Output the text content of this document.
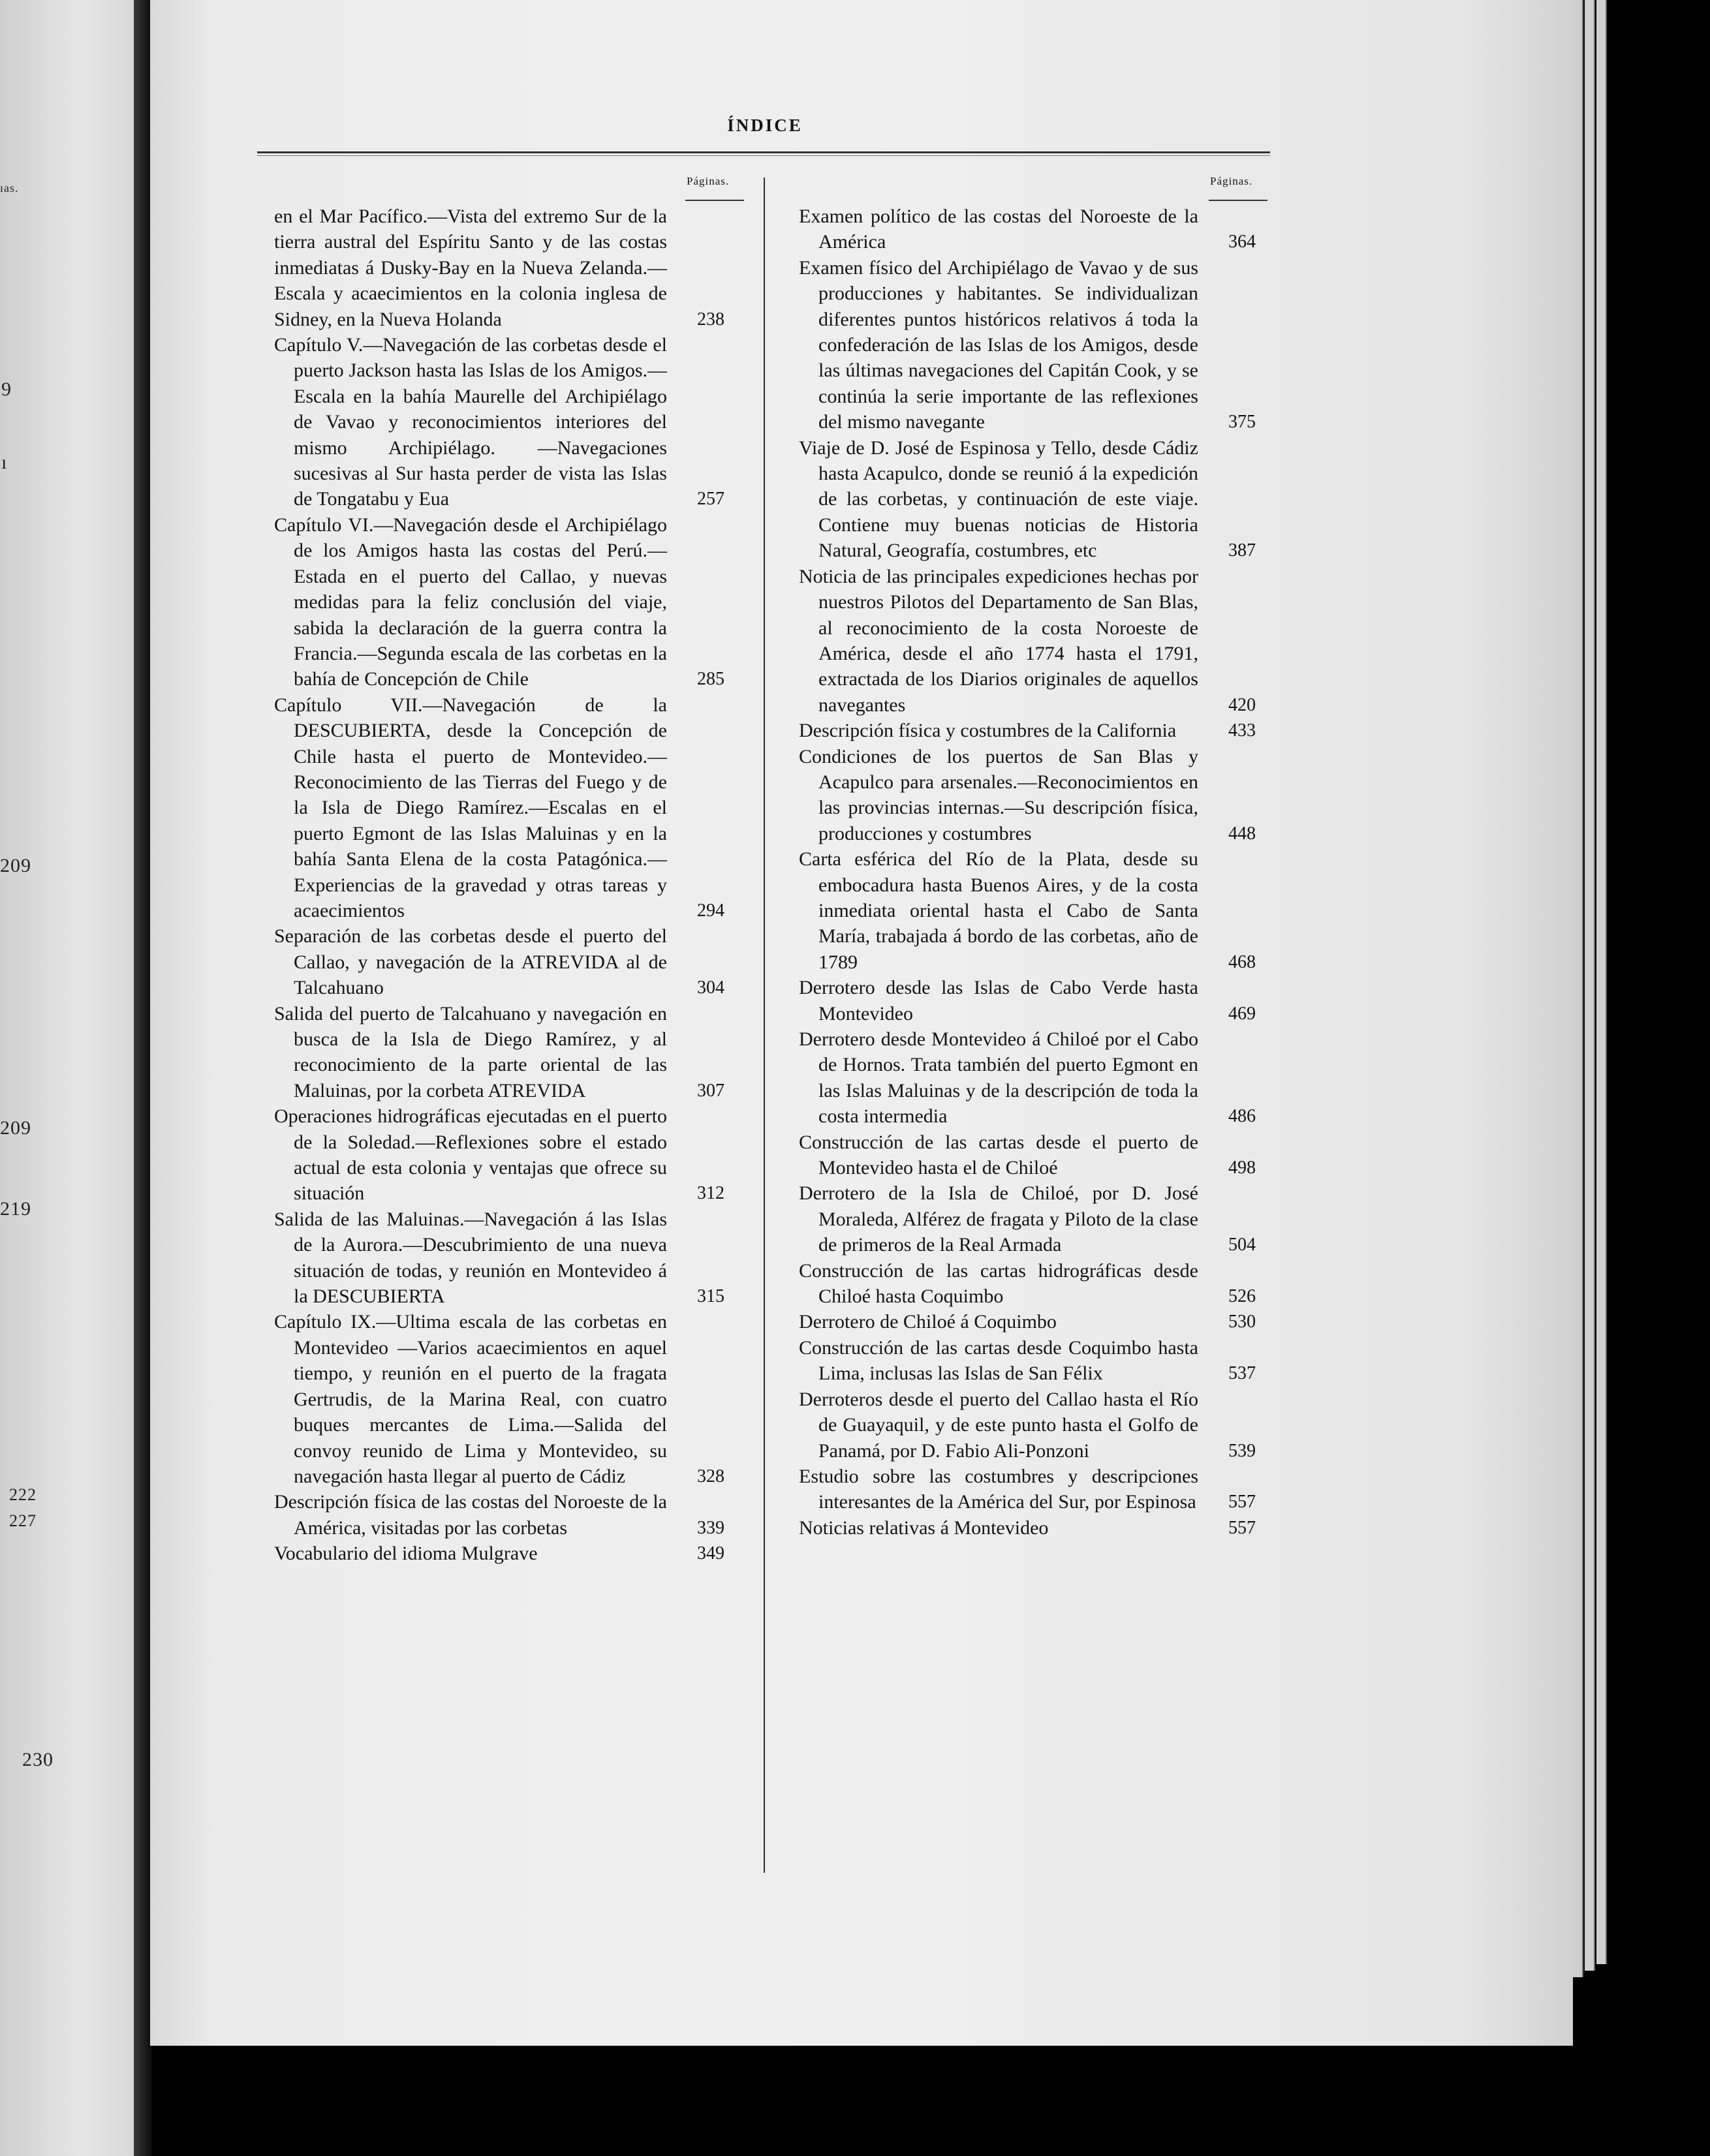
ıas.
9
ı
209
209
219
222
227
230
ÍNDICE
Páginas.	Páginas.

en el Mar Pacífico.—Vista del extremo Sur de la tierra austral del Espíritu Santo y de las costas inmediatas á Dusky-Bay en la Nueva Zelanda.—Escala y acaecimientos en la colonia inglesa de Sidney, en la Nueva Holanda	238

Capítulo V.—Navegación de las corbetas desde el puerto Jackson hasta las Islas de los Amigos.—Escala en la bahía Maurelle del Archipiélago de Vavao y reconocimientos interiores del mismo Archipiélago. —Navegaciones sucesivas al Sur hasta perder de vista las Islas de Tongatabu y Eua	257

Capítulo VI.—Navegación desde el Archipiélago de los Amigos hasta las costas del Perú.—Estada en el puerto del Callao, y nuevas medidas para la feliz conclusión del viaje, sabida la declaración de la guerra contra la Francia.—Segunda escala de las corbetas en la bahía de Concepción de Chile	285

Capítulo VII.—Navegación de la DESCUBIERTA, desde la Concepción de Chile hasta el puerto de Montevideo.—Reconocimiento de las Tierras del Fuego y de la Isla de Diego Ramírez.—Escalas en el puerto Egmont de las Islas Maluinas y en la bahía Santa Elena de la costa Patagónica.—Experiencias de la gravedad y otras tareas y acaecimientos	294

Separación de las corbetas desde el puerto del Callao, y navegación de la ATREVIDA al de Talcahuano	304

Salida del puerto de Talcahuano y navegación en busca de la Isla de Diego Ramírez, y al reconocimiento de la parte oriental de las Maluinas, por la corbeta ATREVIDA	307

Operaciones hidrográficas ejecutadas en el puerto de la Soledad.—Reflexiones sobre el estado actual de esta colonia y ventajas que ofrece su situación	312

Salida de las Maluinas.—Navegación á las Islas de la Aurora.—Descubrimiento de una nueva situación de todas, y reunión en Montevideo á la DESCUBIERTA	315

Capítulo IX.—Ultima escala de las corbetas en Montevideo —Varios acaecimientos en aquel tiempo, y reunión en el puerto de la fragata Gertrudis, de la Marina Real, con cuatro buques mercantes de Lima.—Salida del convoy reunido de Lima y Montevideo, su navegación hasta llegar al puerto de Cádiz	328

Descripción física de las costas del Noroeste de la América, visitadas por las corbetas	339

Vocabulario del idioma Mulgrave	349

Examen político de las costas del Noroeste de la América	364

Examen físico del Archipiélago de Vavao y de sus producciones y habitantes. Se individualizan diferentes puntos históricos relativos á toda la confederación de las Islas de los Amigos, desde las últimas navegaciones del Capitán Cook, y se continúa la serie importante de las reflexiones del mismo navegante	375

Viaje de D. José de Espinosa y Tello, desde Cádiz hasta Acapulco, donde se reunió á la expedición de las corbetas, y continuación de este viaje. Contiene muy buenas noticias de Historia Natural, Geografía, costumbres, etc	387

Noticia de las principales expediciones hechas por nuestros Pilotos del Departamento de San Blas, al reconocimiento de la costa Noroeste de América, desde el año 1774 hasta el 1791, extractada de los Diarios originales de aquellos navegantes	420

Descripción física y costumbres de la California	433

Condiciones de los puertos de San Blas y Acapulco para arsenales.—Reconocimientos en las provincias internas.—Su descripción física, producciones y costumbres	448

Carta esférica del Río de la Plata, desde su embocadura hasta Buenos Aires, y de la costa inmediata oriental hasta el Cabo de Santa María, trabajada á bordo de las corbetas, año de 1789	468

Derrotero desde las Islas de Cabo Verde hasta Montevideo	469

Derrotero desde Montevideo á Chiloé por el Cabo de Hornos. Trata también del puerto Egmont en las Islas Maluinas y de la descripción de toda la costa intermedia	486

Construcción de las cartas desde el puerto de Montevideo hasta el de Chiloé	498

Derrotero de la Isla de Chiloé, por D. José Moraleda, Alférez de fragata y Piloto de la clase de primeros de la Real Armada	504

Construcción de las cartas hidrográficas desde Chiloé hasta Coquimbo	526

Derrotero de Chiloé á Coquimbo	530

Construcción de las cartas desde Coquimbo hasta Lima, inclusas las Islas de San Félix	537

Derroteros desde el puerto del Callao hasta el Río de Guayaquil, y de este punto hasta el Golfo de Panamá, por D. Fabio Ali-Ponzoni	539

Estudio sobre las costumbres y descripciones interesantes de la América del Sur, por Espinosa	557

Noticias relativas á Montevideo	557
